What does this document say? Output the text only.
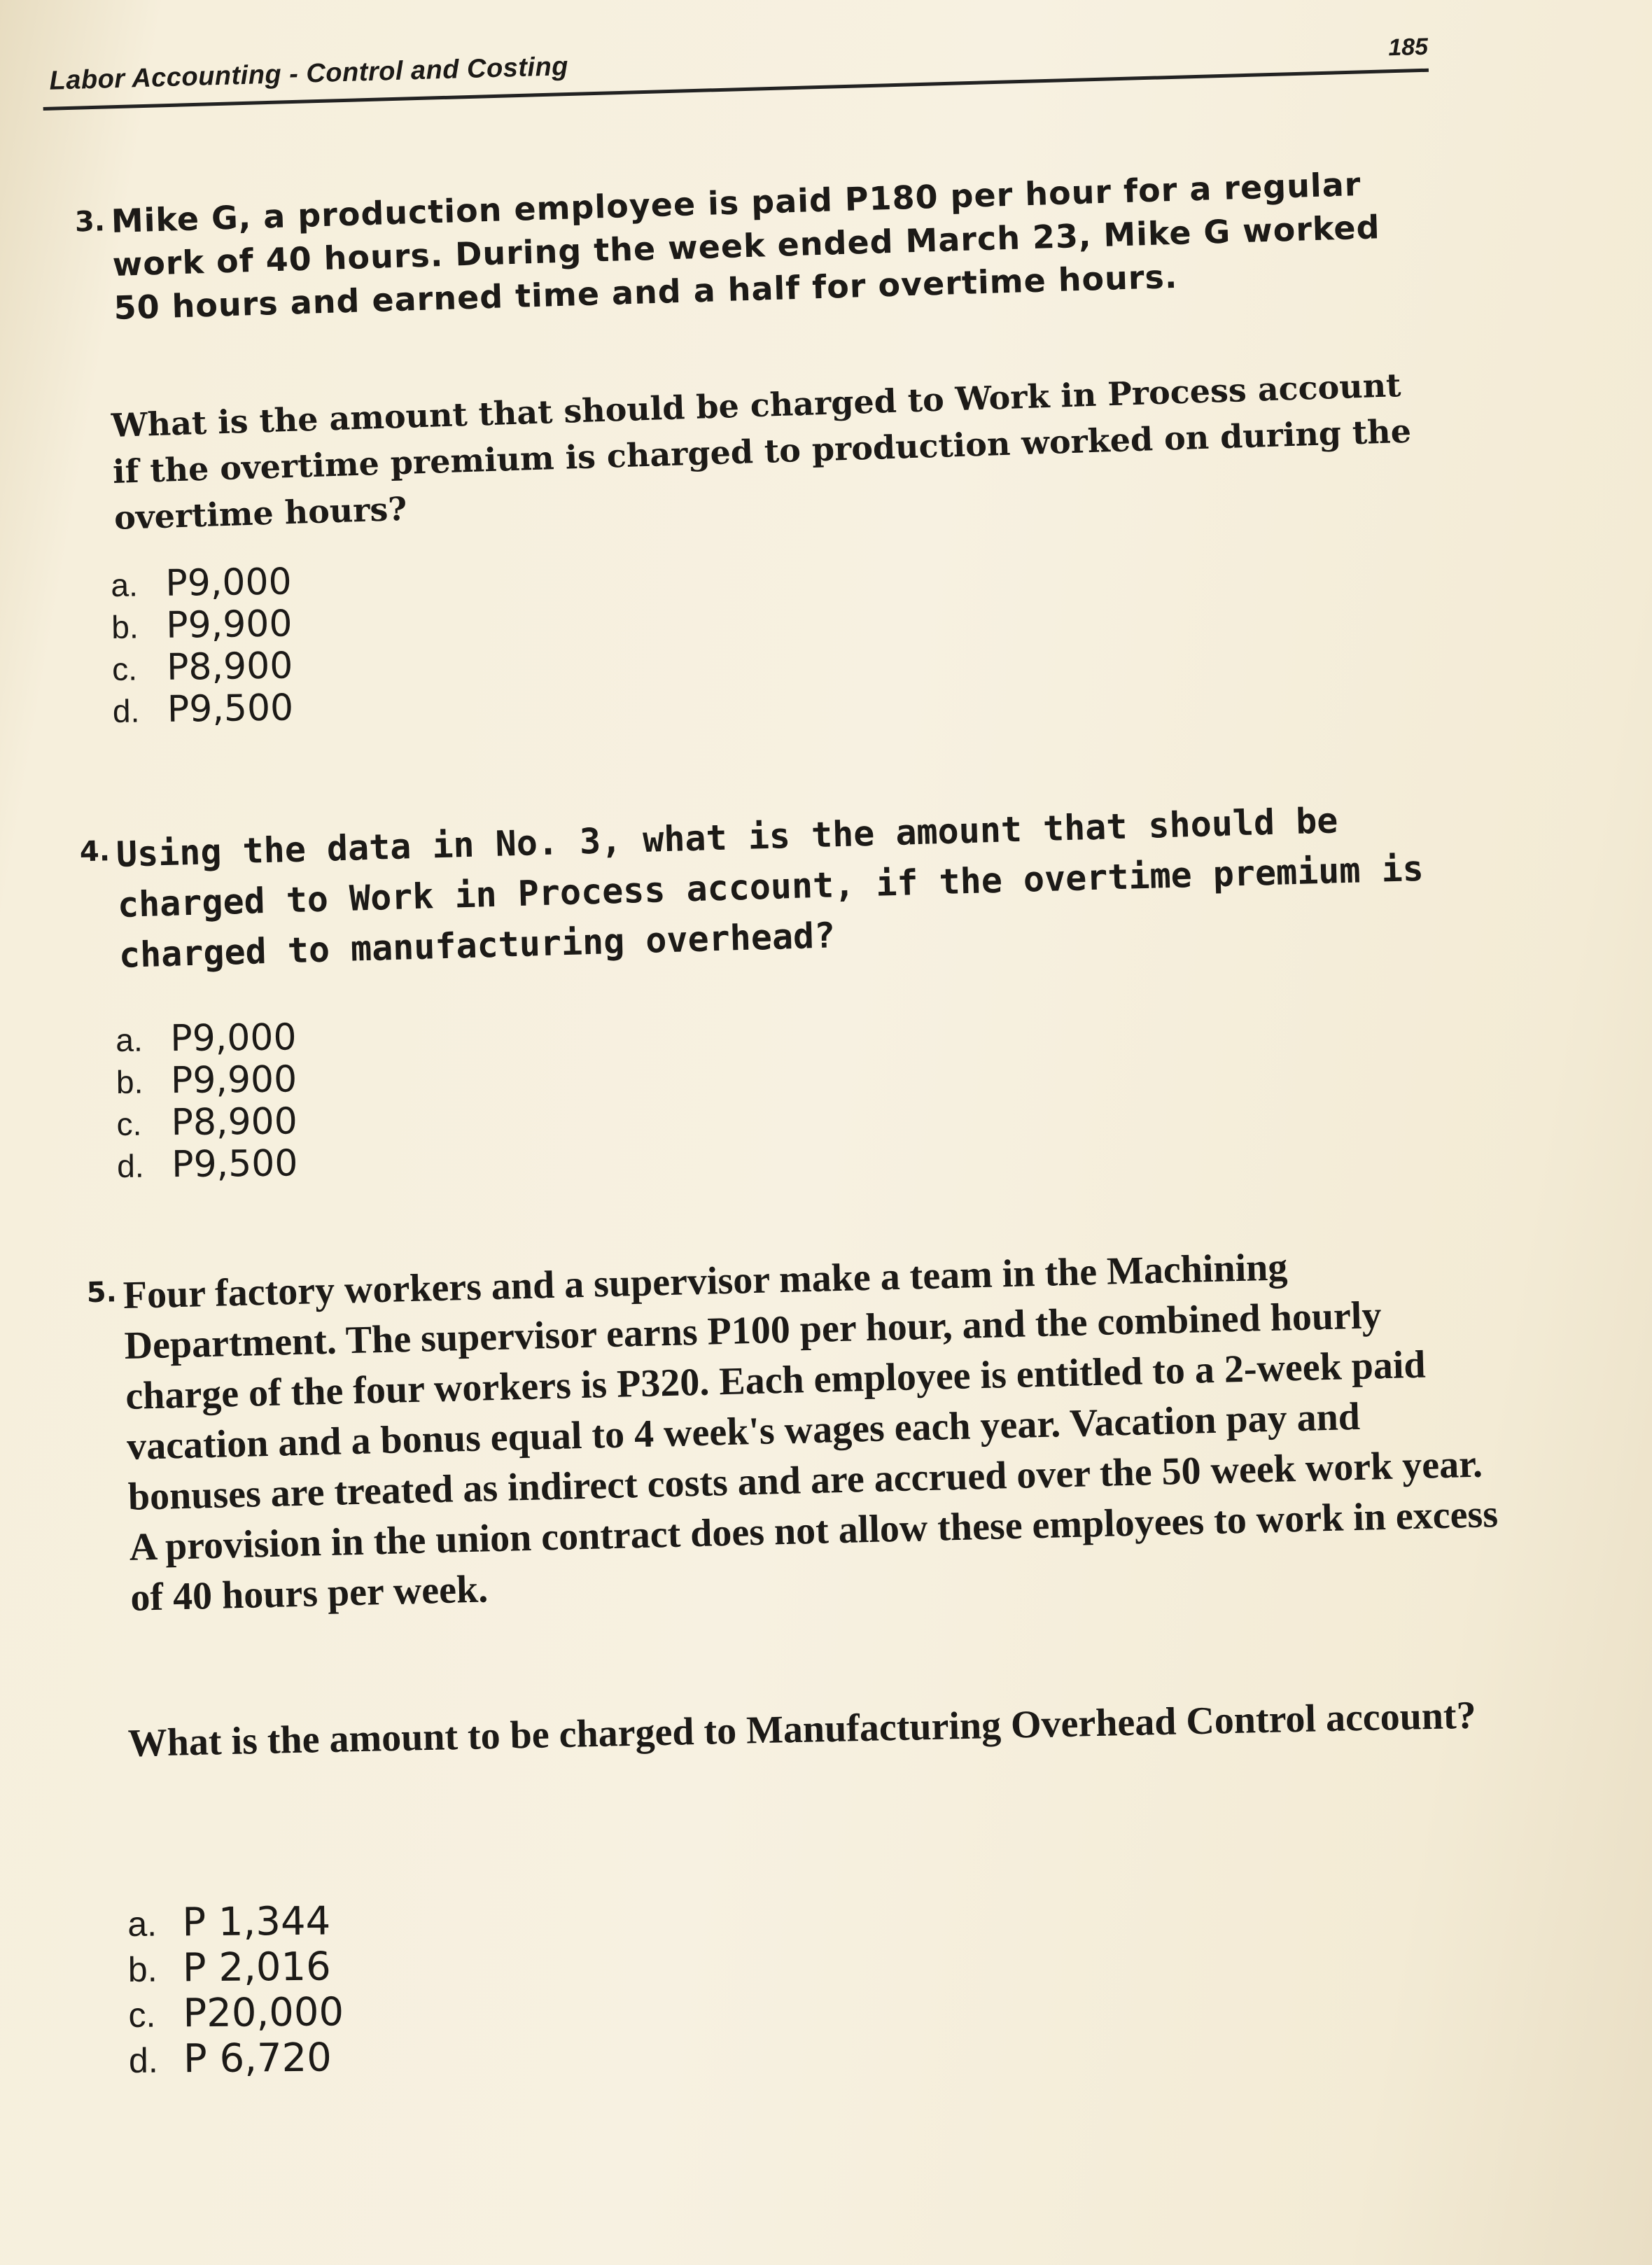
Labor Accounting - Control and Costing
185
3. Mike G, a production employee is paid P180 per hour for a regular work of 40 hours. During the week ended March 23, Mike G worked 50 hours and earned time and a half for overtime hours.

What is the amount that should be charged to Work in Process account if the overtime premium is charged to production worked on during the overtime hours?

a. P9,000
b. P9,900
c. P8,900
d. P9,500
4. Using the data in No. 3, what is the amount that should be charged to Work in Process account, if the overtime premium is charged to manufacturing overhead?

a. P9,000
b. P9,900
c. P8,900
d. P9,500
5. Four factory workers and a supervisor make a team in the Machining Department. The supervisor earns P100 per hour, and the combined hourly charge of the four workers is P320. Each employee is entitled to a 2-week paid vacation and a bonus equal to 4 week's wages each year. Vacation pay and bonuses are treated as indirect costs and are accrued over the 50 week work year. A provision in the union contract does not allow these employees to work in excess of 40 hours per week.

What is the amount to be charged to Manufacturing Overhead Control account?

a. P 1,344
b. P 2,016
c. P20,000
d. P 6,720
